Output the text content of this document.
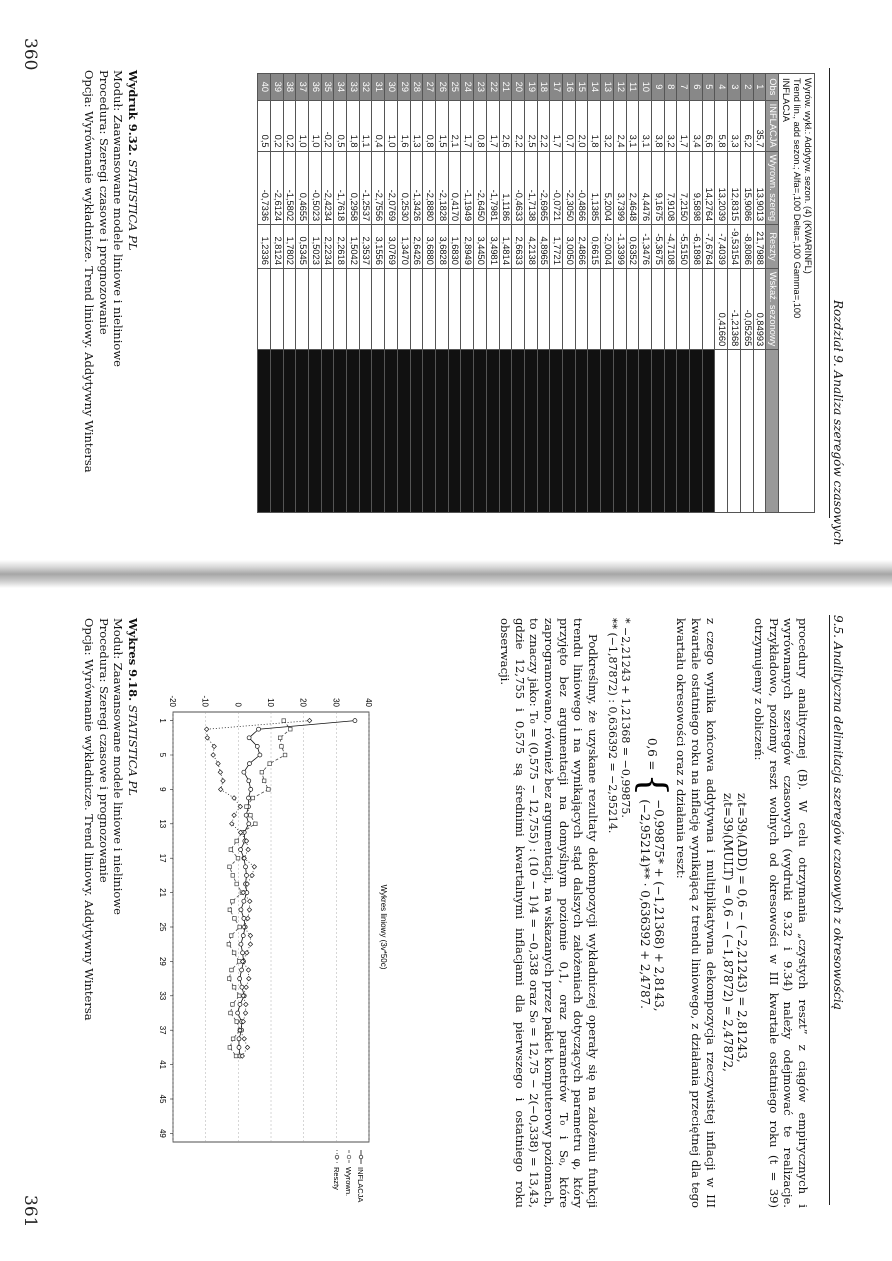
360
361
Rozdział 9. Analiza szeregów czasowych
Wyrów. wykł.: Addytyw. sezon. (4) (KWARINFL)
Trend lin., add sezon.; Alfa=,100 Delta=,100 Gamma=,100
INFLACJA
Obs	INFLACJA	Wyrown. szereg	Reszty	Wskaź. sezonowy	
1	35,7	13,9013	21,7988	0,84993	
2	6,2	15,9086	-8,8086	-0,05265	
3	3,3	12,8315	-9,53154	-1,21368	
4	5,8	13,2039	-7,4039	0,41660	
5	6,6	14,2764	-7,6764		
6	3,4	9,5898	-6,1898		
7	1,7	7,2150	-5,5150		
8	3,2	7,9108	-4,7108		
9	3,8	9,1675	-5,3675		
10	3,1	4,4476	-1,3476		
11	3,1	2,4648	0,6352		
12	2,4	3,7399	-1,3399		
13	3,2	5,2004	-2,0004		
14	1,8	1,1385	0,6615		
15	2,0	-0,4866	2,4866		
16	0,7	-2,3050	3,0050		
17	1,7	-0,0721	1,7721		
18	2,2	-2,6965	4,8965		
19	2,5	-1,7138	4,2138		
20	2,2	-0,4633	2,6633		
21	2,6	1,1186	1,4814		
22	1,7	-1,7981	3,4981		
23	0,8	-2,6450	3,4450		
24	1,7	-1,1949	2,8949		
25	2,1	0,4170	1,6830		
26	1,5	-2,1828	3,6828		
27	0,8	-2,8880	3,6880		
28	1,3	-1,3426	2,6426		
29	1,6	0,2530	1,3470		
30	1,0	-2,0769	3,0769		
31	0,4	-2,7556	3,1556		
32	1,1	-1,2537	2,3537		
33	1,8	0,2958	1,5042		
34	0,5	-1,7618	2,2618		
35	-0,2	-2,4234	2,2234		
36	1,0	-0,5023	1,5023		
37	1,0	0,4655	0,5345		
38	0,2	-1,5802	1,7802		
39	0,2	-2,6124	2,8124		
40	0,5	-0,7336	1,2336		
Wydruk 9.32. STATISTICA PL
Moduł: Zaawansowane modele liniowe i nieliniowe
Procedura: Szeregi czasowe i prognozowanie
Opcja: Wyrównanie wykładnicze. Trend liniowy. Addytywny Wintersa
9.5. Analityczna delimitacja szeregów czasowych z okresowością
procedury analitycznej (B). W celu otrzymania „czystych reszt” z ciągów empirycznych i wyrównanych szeregów czasowych (wydruki 9.32 i 9.34) należy odejmować te realizacje. Przykładowo, poziomy reszt wolnych od okresowości w III kwartale ostatniego roku (t = 39) otrzymujemy z obliczeń:
z₍t=39₎(ADD) = 0,6 − (−2,21243) = 2,81243,
z₍t=39₎(MULT) = 0,6 − (−1,87872) = 2,47872,
z czego wynika końcowa addytywna i multiplikatywna dekompozycja rzeczywistej inflacji w III kwartale ostatniego roku na inflację wynikającą z trendu liniowego, z działania przeciętnej dla tego kwartału okresowości oraz z działania reszt:
0,6 =
{
−0,99875* + (−1,21368) + 2,8143,
(−2,95214)** · 0,636392 + 2,4787.
* −2,21243 + 1,21368 = −0,99875.
** (−1,87872) : 0,636392 = −2,95214.
Podkreślmy, że uzyskane rezultaty dekompozycji wykładniczej operały się na założeniu funkcji trendu liniowego i na wynikających stąd dalszych założeniach dotyczących parametru φ, który przyjęto bez argumentacji na domyślnym poziomie 0,1, oraz parametrów T₀ i S₀, które zaprogramowano, również bez argumentacji, na wskazanych przez pakiet komputerowy poziomach, to znaczy jako: T₀ = (0,575 − 12,755) : (10 − 1)4 = −0,338 oraz S₀ = 12,75 − 2(−0,338) = 13,43, gdzie 12,755 i 0,575 są średnimi kwartalnymi inflacjami dla pierwszego i ostatniego roku obserwacji.
Wykres liniowy (3v*50c)
-20	-10	0	10	20	30	40
1
5
9
13
17
21
25
29
33
37
41
45
49
INFLACJA
Wyrown.
Reszty
Wykres 9.18. STATISTICA PL
Moduł: Zaawansowane modele liniowe i nieliniowe
Procedura: Szeregi czasowe i prognozowanie
Opcja: Wyrównanie wykładnicze. Trend liniowy. Addytywny Wintersa
